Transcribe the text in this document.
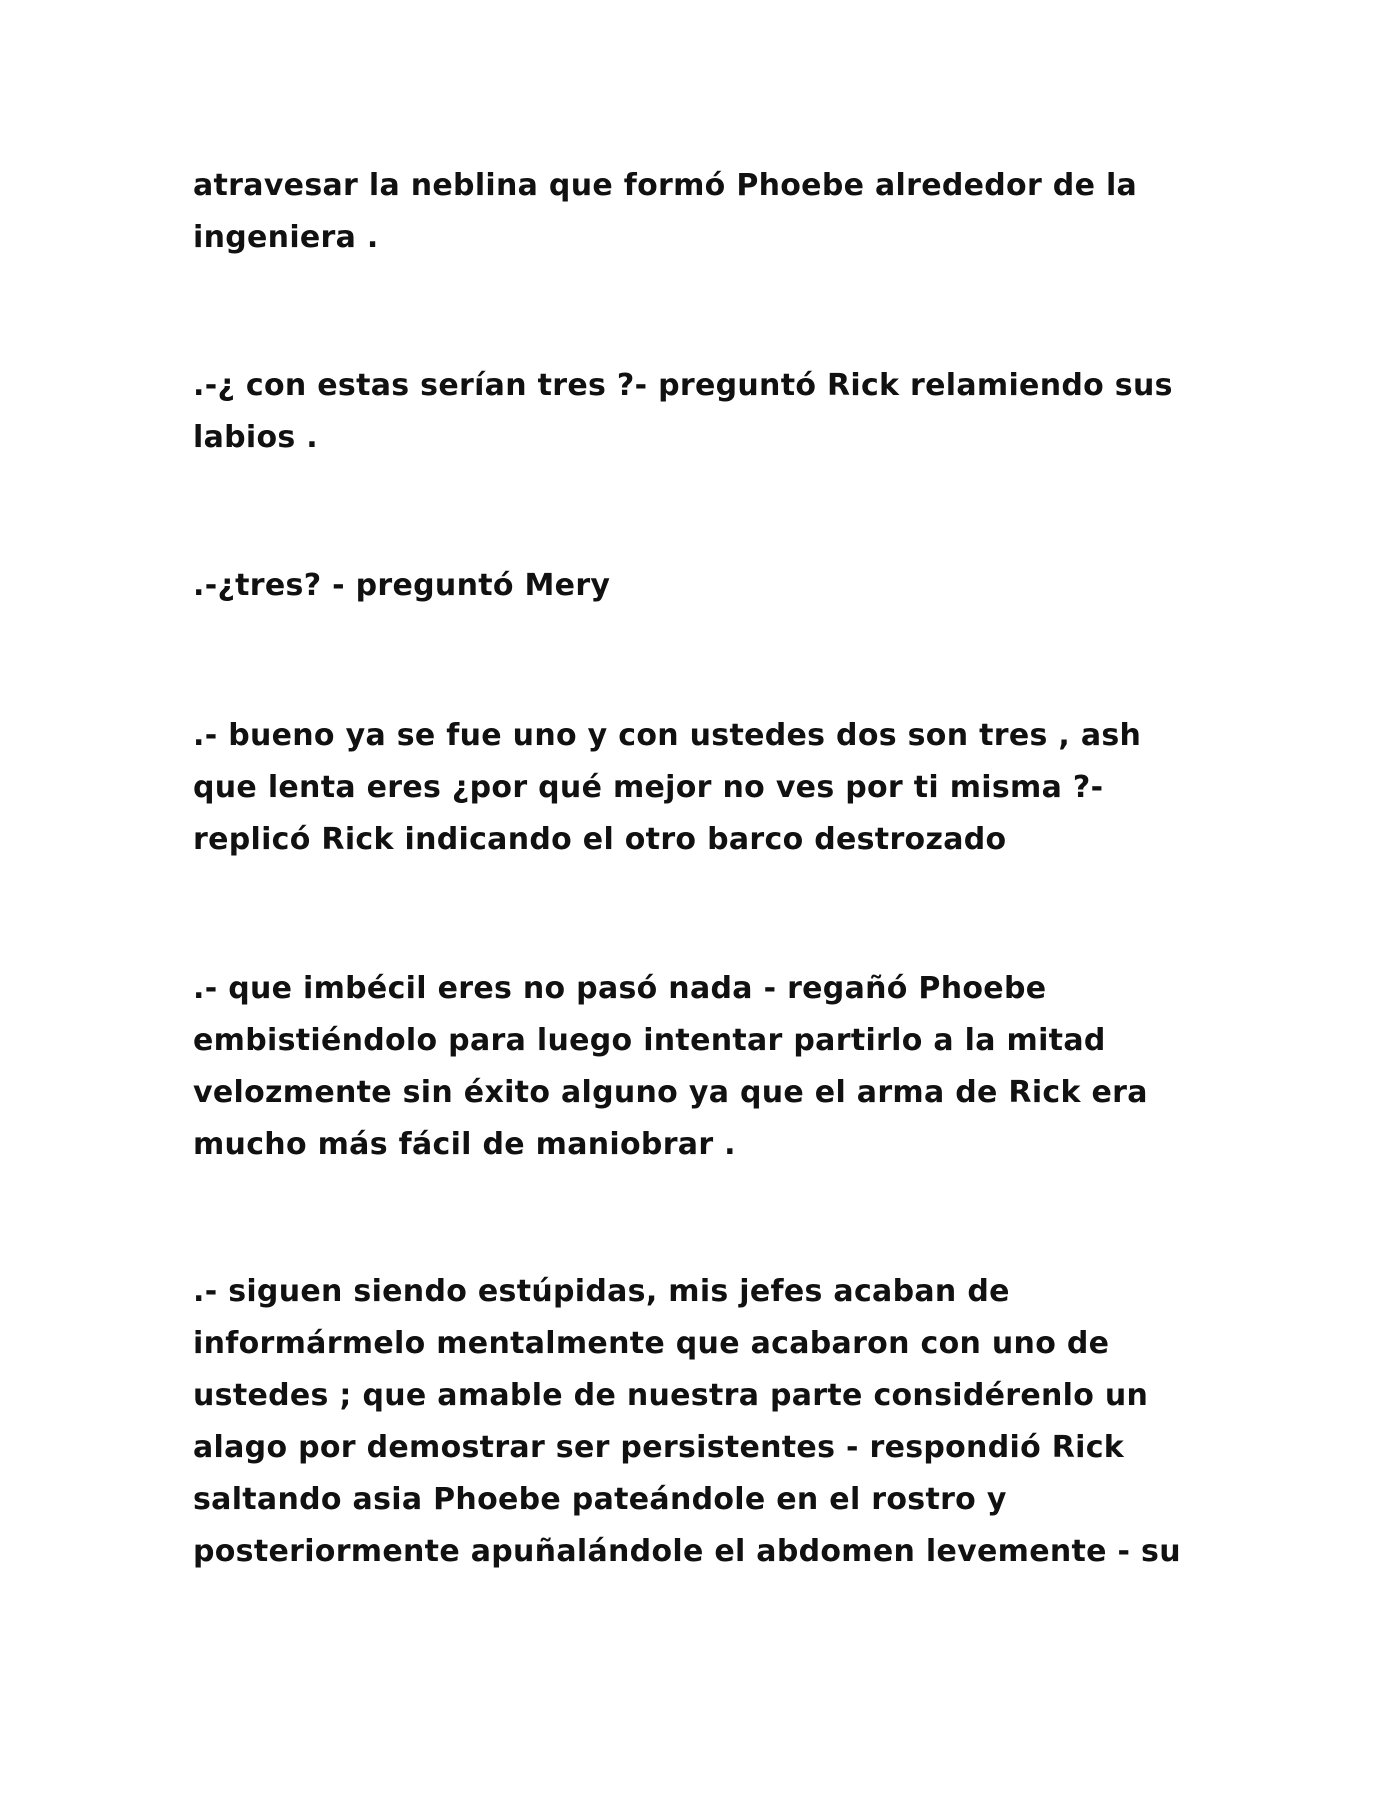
atravesar la neblina que formó Phoebe alrededor de la
ingeniera .

.-¿ con estas serían tres ?- preguntó Rick relamiendo sus
labios .

.-¿tres? - preguntó Mery

.- bueno ya se fue uno y con ustedes dos son tres , ash
que lenta eres ¿por qué mejor no ves por ti misma ?-
replicó Rick indicando el otro barco destrozado

.- que imbécil eres no pasó nada - regañó Phoebe
embistiéndolo para luego intentar partirlo a la mitad
velozmente sin éxito alguno ya que el arma de Rick era
mucho más fácil de maniobrar .

.- siguen siendo estúpidas, mis jefes acaban de
informármelo mentalmente que acabaron con uno de
ustedes ; que amable de nuestra parte considérenlo un
alago por demostrar ser persistentes - respondió Rick
saltando asia Phoebe pateándole en el rostro y
posteriormente apuñalándole el abdomen levemente - su
